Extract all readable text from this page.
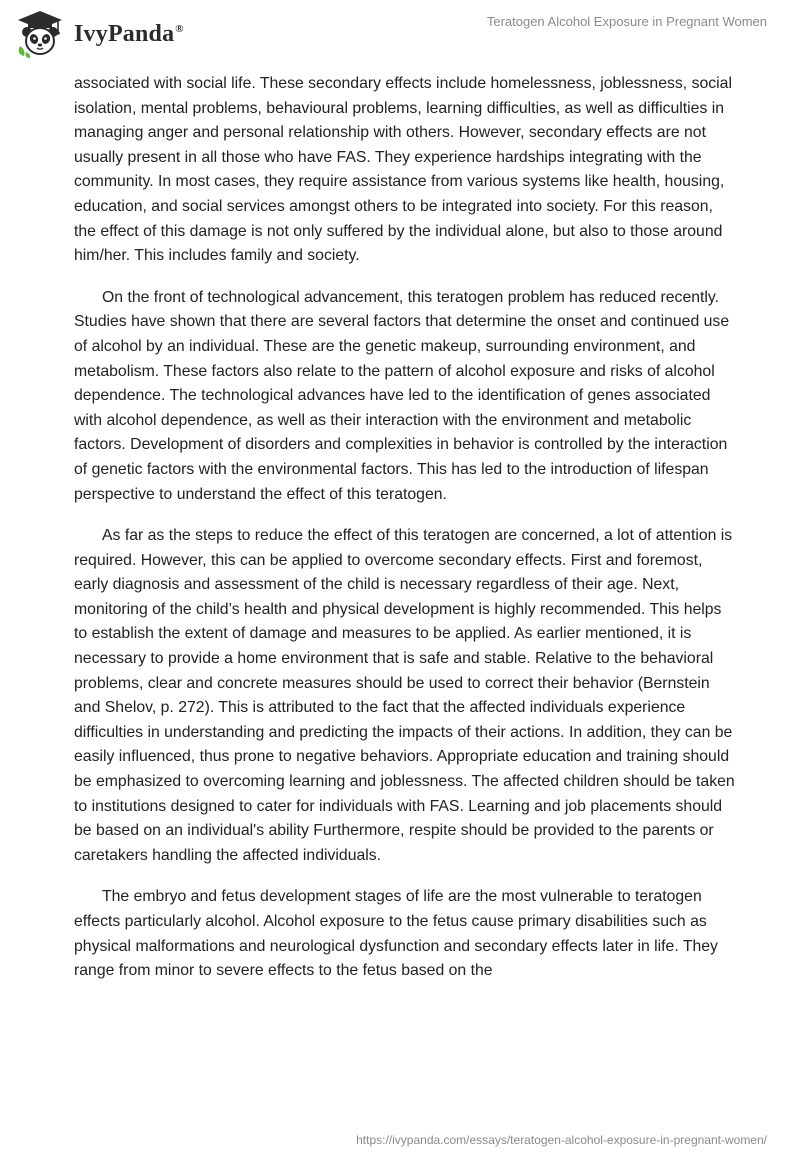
IvyPanda®	Teratogen Alcohol Exposure in Pregnant Women

associated with social life. These secondary effects include homelessness, joblessness, social isolation, mental problems, behavioural problems, learning difficulties, as well as difficulties in managing anger and personal relationship with others. However, secondary effects are not usually present in all those who have FAS. They experience hardships integrating with the community. In most cases, they require assistance from various systems like health, housing, education, and social services amongst others to be integrated into society. For this reason, the effect of this damage is not only suffered by the individual alone, but also to those around him/her. This includes family and society.

On the front of technological advancement, this teratogen problem has reduced recently. Studies have shown that there are several factors that determine the onset and continued use of alcohol by an individual. These are the genetic makeup, surrounding environment, and metabolism. These factors also relate to the pattern of alcohol exposure and risks of alcohol dependence. The technological advances have led to the identification of genes associated with alcohol dependence, as well as their interaction with the environment and metabolic factors. Development of disorders and complexities in behavior is controlled by the interaction of genetic factors with the environmental factors. This has led to the introduction of lifespan perspective to understand the effect of this teratogen.

As far as the steps to reduce the effect of this teratogen are concerned, a lot of attention is required. However, this can be applied to overcome secondary effects. First and foremost, early diagnosis and assessment of the child is necessary regardless of their age. Next, monitoring of the child’s health and physical development is highly recommended. This helps to establish the extent of damage and measures to be applied. As earlier mentioned, it is necessary to provide a home environment that is safe and stable. Relative to the behavioral problems, clear and concrete measures should be used to correct their behavior (Bernstein and Shelov, p. 272). This is attributed to the fact that the affected individuals experience difficulties in understanding and predicting the impacts of their actions. In addition, they can be easily influenced, thus prone to negative behaviors. Appropriate education and training should be emphasized to overcoming learning and joblessness. The affected children should be taken to institutions designed to cater for individuals with FAS. Learning and job placements should be based on an individual's ability Furthermore, respite should be provided to the parents or caretakers handling the affected individuals.

The embryo and fetus development stages of life are the most vulnerable to teratogen effects particularly alcohol. Alcohol exposure to the fetus cause primary disabilities such as physical malformations and neurological dysfunction and secondary effects later in life. They range from minor to severe effects to the fetus based on the

https://ivypanda.com/essays/teratogen-alcohol-exposure-in-pregnant-women/
